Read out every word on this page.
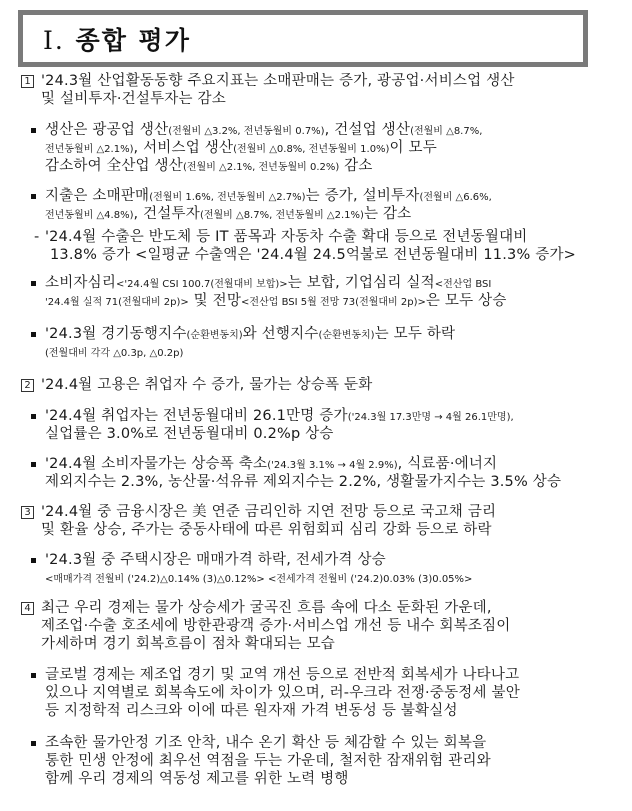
Ⅰ. 종합 평가
1 '24.3월 산업활동동향 주요지표는 소매판매는 증가, 광공업·서비스업 생산
및 설비투자·건설투자는 감소
생산은 광공업 생산(전월비 △3.2%, 전년동월비 0.7%), 건설업 생산(전월비 △8.7%,
전년동월비 △2.1%), 서비스업 생산(전월비 △0.8%, 전년동월비 1.0%)이 모두
감소하여 全산업 생산(전월비 △2.1%, 전년동월비 0.2%) 감소
지출은 소매판매(전월비 1.6%, 전년동월비 △2.7%)는 증가, 설비투자(전월비 △6.6%,
전년동월비 △4.8%), 건설투자(전월비 △8.7%, 전년동월비 △2.1%)는 감소
- '24.4월 수출은 반도체 등 IT 품목과 자동차 수출 확대 등으로 전년동월대비
13.8% 증가 <일평균 수출액은 '24.4월 24.5억불로 전년동월대비 11.3% 증가>
소비자심리<'24.4월 CSI 100.7(전월대비 보합)>는 보합, 기업심리 실적<전산업 BSI
'24.4월 실적 71(전월대비 2p)> 및 전망<전산업 BSI 5월 전망 73(전월대비 2p)>은 모두 상승
'24.3월 경기동행지수(순환변동치)와 선행지수(순환변동치)는 모두 하락
(전월대비 각각 △0.3p, △0.2p)
2 '24.4월 고용은 취업자 수 증가, 물가는 상승폭 둔화
'24.4월 취업자는 전년동월대비 26.1만명 증가('24.3월 17.3만명 → 4월 26.1만명),
실업률은 3.0%로 전년동월대비 0.2%p 상승
'24.4월 소비자물가는 상승폭 축소('24.3월 3.1% → 4월 2.9%), 식료품·에너지
제외지수는 2.3%, 농산물·석유류 제외지수는 2.2%, 생활물가지수는 3.5% 상승
3 '24.4월 중 금융시장은 美 연준 금리인하 지연 전망 등으로 국고채 금리
및 환율 상승, 주가는 중동사태에 따른 위험회피 심리 강화 등으로 하락
'24.3월 중 주택시장은 매매가격 하락, 전세가격 상승
<매매가격 전월비 ('24.2)△0.14% (3)△0.12%> <전세가격 전월비 ('24.2)0.03% (3)0.05%>
4 최근 우리 경제는 물가 상승세가 굴곡진 흐름 속에 다소 둔화된 가운데,
제조업·수출 호조세에 방한관광객 증가·서비스업 개선 등 내수 회복조짐이
가세하며 경기 회복흐름이 점차 확대되는 모습
글로벌 경제는 제조업 경기 및 교역 개선 등으로 전반적 회복세가 나타나고
있으나 지역별로 회복속도에 차이가 있으며, 러-우크라 전쟁·중동정세 불안
등 지정학적 리스크와 이에 따른 원자재 가격 변동성 등 불확실성
조속한 물가안정 기조 안착, 내수 온기 확산 등 체감할 수 있는 회복을
통한 민생 안정에 최우선 역점을 두는 가운데, 철저한 잠재위험 관리와
함께 우리 경제의 역동성 제고를 위한 노력 병행
